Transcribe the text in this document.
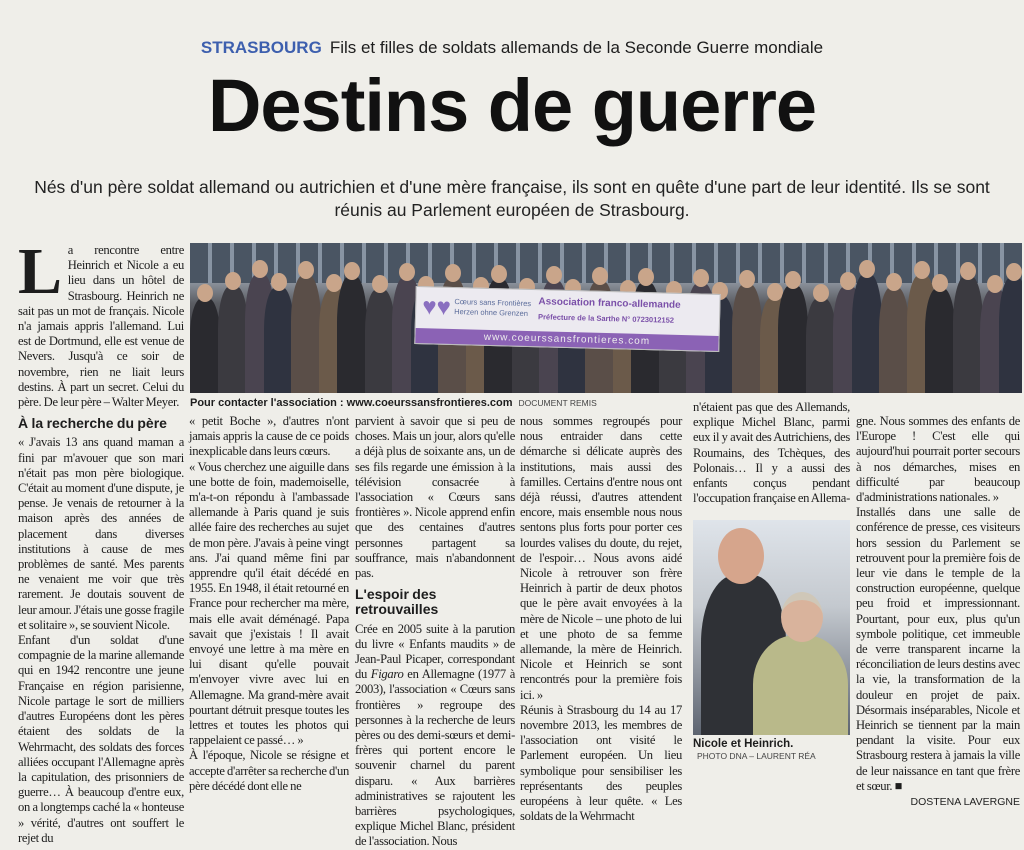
STRASBOURG Fils et filles de soldats allemands de la Seconde Guerre mondiale
Destins de guerre

Nés d'un père soldat allemand ou autrichien et d'une mère française, ils sont en quête d'une part de leur identité. Ils se sont réunis au Parlement européen de Strasbourg.

L a rencontre entre Heinrich et Nicole a eu lieu dans un hôtel de Strasbourg. Heinrich ne sait pas un mot de français. Nicole n'a jamais appris l'allemand. Lui est de Dortmund, elle est venue de Nevers. Jusqu'à ce soir de novembre, rien ne liait leurs destins. À part un secret. Celui du père. De leur père – Walter Meyer.

À la recherche du père

« J'avais 13 ans quand maman a fini par m'avouer que son mari n'était pas mon père biologique. C'était au moment d'une dispute, je pense. Je venais de retourner à la maison après des années de placement dans diverses institutions à cause de mes problèmes de santé. Mes parents ne venaient me voir que très rarement. Je doutais souvent de leur amour. J'étais une gosse fragile et solitaire », se souvient Nicole.

Enfant d'un soldat d'une compagnie de la marine allemande qui en 1942 rencontre une jeune Française en région parisienne, Nicole partage le sort de milliers d'autres Européens dont les pères étaient des soldats de la Wehrmacht, des soldats des forces alliées occupant l'Allemagne après la capitulation, des prisonniers de guerre… À beaucoup d'entre eux, on a longtemps caché la « honteuse » vérité, d'autres ont souffert le rejet du

♥♥ Cœurs sans Frontières
Herzen ohne Grenzen
Association franco-allemande
Préfecture de la Sarthe N° 0723012152
www.coeurssansfrontieres.com
Pour contacter l'association : www.coeurssansfrontieres.com DOCUMENT REMIS

« petit Boche », d'autres n'ont jamais appris la cause de ce poids inexplicable dans leurs cœurs.

« Vous cherchez une aiguille dans une botte de foin, mademoiselle, m'a-t-on répondu à l'ambassade allemande à Paris quand je suis allée faire des recherches au sujet de mon père. J'avais à peine vingt ans. J'ai quand même fini par apprendre qu'il était décédé en 1955. En 1948, il était retourné en France pour rechercher ma mère, mais elle avait déménagé. Papa savait que j'existais ! Il avait envoyé une lettre à ma mère en lui disant qu'elle pouvait m'envoyer vivre avec lui en Allemagne. Ma grand-mère avait pourtant détruit presque toutes les lettres et toutes les photos qui rappelaient ce passé… »

À l'époque, Nicole se résigne et accepte d'arrêter sa recherche d'un père décédé dont elle ne

parvient à savoir que si peu de choses. Mais un jour, alors qu'elle a déjà plus de soixante ans, un de ses fils regarde une émission à la télévision consacrée à l'association « Cœurs sans frontières ». Nicole apprend enfin que des centaines d'autres personnes partagent sa souffrance, mais n'abandonnent pas.

L'espoir des retrouvailles

Crée en 2005 suite à la parution du livre « Enfants maudits » de Jean-Paul Picaper, correspondant du Figaro en Allemagne (1977 à 2003), l'association « Cœurs sans frontières » regroupe des personnes à la recherche de leurs pères ou des demi-sœurs et demi-frères qui portent encore le souvenir charnel du parent disparu. « Aux barrières administratives se rajoutent les barrières psychologiques, explique Michel Blanc, président de l'association. Nous

nous sommes regroupés pour nous entraider dans cette démarche si délicate auprès des institutions, mais aussi des familles. Certains d'entre nous ont déjà réussi, d'autres attendent encore, mais ensemble nous nous sentons plus forts pour porter ces lourdes valises du doute, du rejet, de l'espoir… Nous avons aidé Nicole à retrouver son frère Heinrich à partir de deux photos que le père avait envoyées à la mère de Nicole – une photo de lui et une photo de sa femme allemande, la mère de Heinrich. Nicole et Heinrich se sont rencontrés pour la première fois ici. »

Réunis à Strasbourg du 14 au 17 novembre 2013, les membres de l'association ont visité le Parlement européen. Un lieu symbolique pour sensibiliser les représentants des peuples européens à leur quête. « Les soldats de la Wehrmacht

n'étaient pas que des Allemands, explique Michel Blanc, parmi eux il y avait des Autrichiens, des Roumains, des Tchèques, des Polonais… Il y a aussi des enfants conçus pendant l'occupation française en Allema-

Nicole et Heinrich.
PHOTO DNA – LAURENT RÉA

gne. Nous sommes des enfants de l'Europe ! C'est elle qui aujourd'hui pourrait porter secours à nos démarches, mises en difficulté par beaucoup d'administrations nationales. »

Installés dans une salle de conférence de presse, ces visiteurs hors session du Parlement se retrouvent pour la première fois de leur vie dans le temple de la construction européenne, quelque peu froid et impressionnant. Pourtant, pour eux, plus qu'un symbole politique, cet immeuble de verre transparent incarne la réconciliation de leurs destins avec la vie, la transformation de la douleur en projet de paix. Désormais inséparables, Nicole et Heinrich se tiennent par la main pendant la visite. Pour eux Strasbourg restera à jamais la ville de leur naissance en tant que frère et sœur. ■

DOSTENA LAVERGNE
